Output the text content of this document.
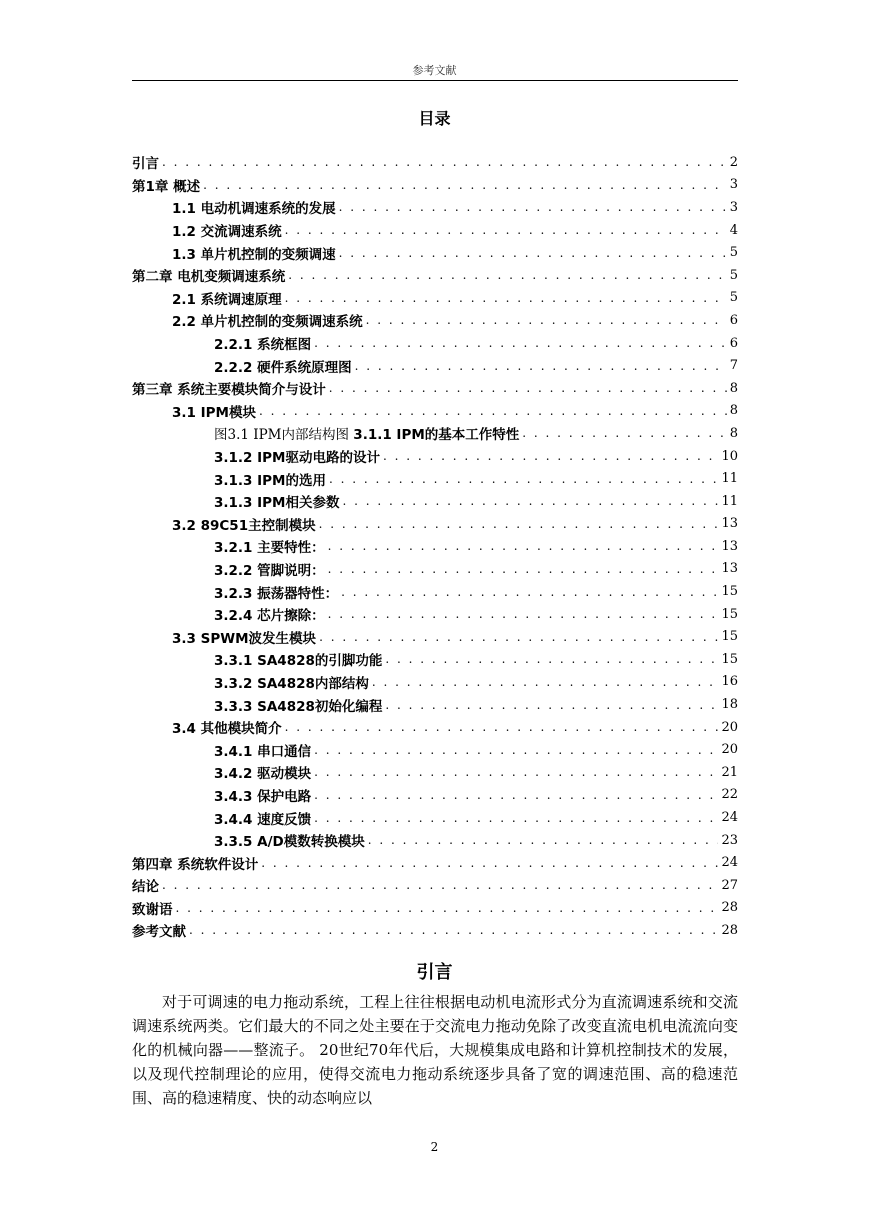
参考文献
目录
引言 . . .	2
第1章 概述 . . .	3
1.1 电动机调速系统的发展 . . .	3
1.2 交流调速系统 . . .	4
1.3 单片机控制的变频调速 . . .	5
第二章 电机变频调速系统 . . .	5
2.1 系统调速原理 . . .	5
2.2 单片机控制的变频调速系统 . . .	6
2.2.1 系统框图 . . .	6
2.2.2 硬件系统原理图 . . .	7
第三章 系统主要模块简介与设计 . . .	8
3.1 IPM模块 . . .	8
图3.1 IPM内部结构图 3.1.1 IPM的基本工作特性 . . .	8
3.1.2 IPM驱动电路的设计 . . .	10
3.1.3 IPM的选用 . . .	11
3.1.3 IPM相关参数 . . .	11
3.2 89C51主控制模块 . . .	13
3.2.1 主要特性： . . .	13
3.2.2 管脚说明： . . .	13
3.2.3 振荡器特性： . . .	15
3.2.4 芯片擦除： . . .	15
3.3 SPWM波发生模块 . . .	15
3.3.1 SA4828的引脚功能 . . .	15
3.3.2 SA4828内部结构 . . .	16
3.3.3 SA4828初始化编程 . . .	18
3.4 其他模块简介 . . .	20
3.4.1 串口通信 . . .	20
3.4.2 驱动模块 . . .	21
3.4.3 保护电路 . . .	22
3.4.4 速度反馈 . . .	24
3.3.5 A/D模数转换模块 . . .	23
第四章 系统软件设计 . . .	24
结论 . . .	27
致谢语 . . .	28
参考文献 . . .	28
引言
对于可调速的电力拖动系统，工程上往往根据电动机电流形式分为直流调速系统和交流调速系统两类。它们最大的不同之处主要在于交流电力拖动免除了改变直流电机电流流向变化的机械向器——整流子。 20世纪70年代后，大规模集成电路和计算机控制技术的发展，以及现代控制理论的应用，使得交流电力拖动系统逐步具备了宽的调速范围、高的稳速范围、高的稳速精度、快的动态响应以
2
